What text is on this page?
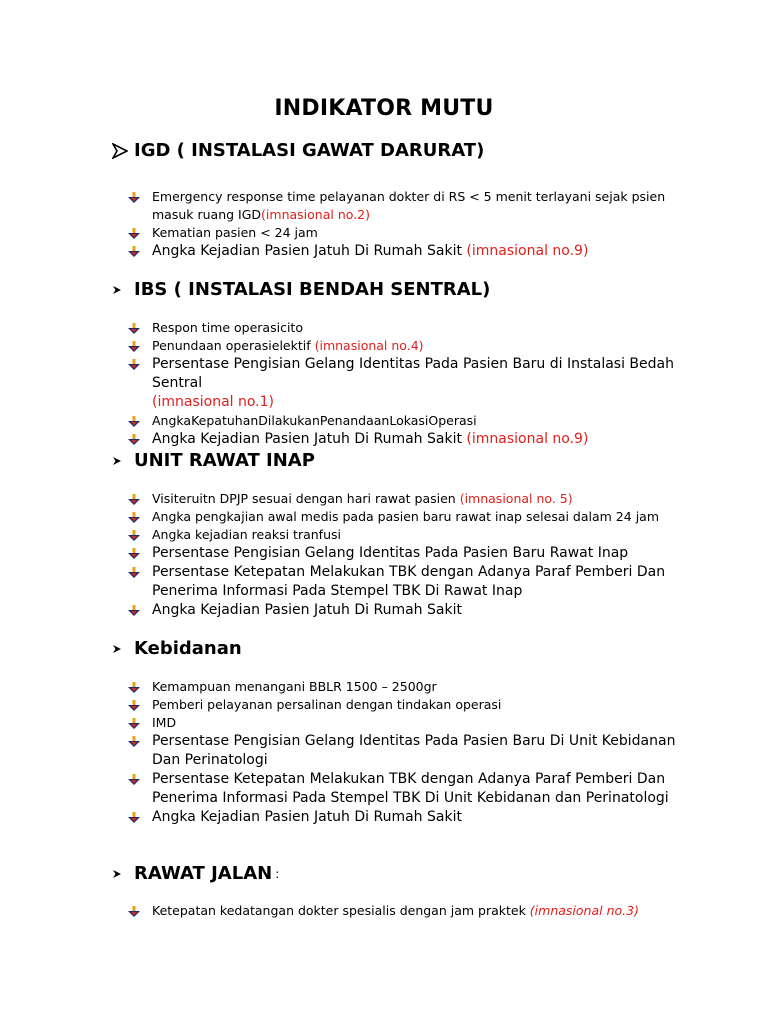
INDIKATOR MUTU
IGD ( INSTALASI GAWAT DARURAT)
Emergency response time pelayanan dokter di RS < 5 menit terlayani sejak psien masuk ruang IGD(imnasional no.2)
Kematian pasien < 24 jam
Angka Kejadian Pasien Jatuh Di Rumah Sakit (imnasional no.9)
IBS ( INSTALASI BENDAH SENTRAL)
Respon time operasicito
Penundaan operasielektif (imnasional no.4)
Persentase Pengisian Gelang Identitas Pada Pasien Baru di Instalasi Bedah Sentral
(imnasional no.1)
AngkaKepatuhanDilakukanPenandaanLokasiOperasi
Angka Kejadian Pasien Jatuh Di Rumah Sakit (imnasional no.9)
UNIT RAWAT INAP
Visiteruitn DPJP sesuai dengan hari rawat pasien (imnasional no. 5)
Angka pengkajian awal medis pada pasien baru rawat inap selesai dalam 24 jam
Angka kejadian reaksi tranfusi
Persentase Pengisian Gelang Identitas Pada Pasien Baru Rawat Inap
Persentase Ketepatan Melakukan TBK dengan Adanya Paraf Pemberi Dan Penerima Informasi Pada Stempel TBK Di Rawat Inap
Angka Kejadian Pasien Jatuh Di Rumah Sakit
Kebidanan
Kemampuan menangani BBLR 1500 – 2500gr
Pemberi pelayanan persalinan dengan tindakan operasi
IMD
Persentase Pengisian Gelang Identitas Pada Pasien Baru Di Unit Kebidanan Dan Perinatologi
Persentase Ketepatan Melakukan TBK dengan Adanya Paraf Pemberi Dan Penerima Informasi Pada Stempel TBK Di Unit Kebidanan dan Perinatologi
Angka Kejadian Pasien Jatuh Di Rumah Sakit
RAWAT JALAN :
Ketepatan kedatangan dokter spesialis dengan jam praktek (imnasional no.3)
